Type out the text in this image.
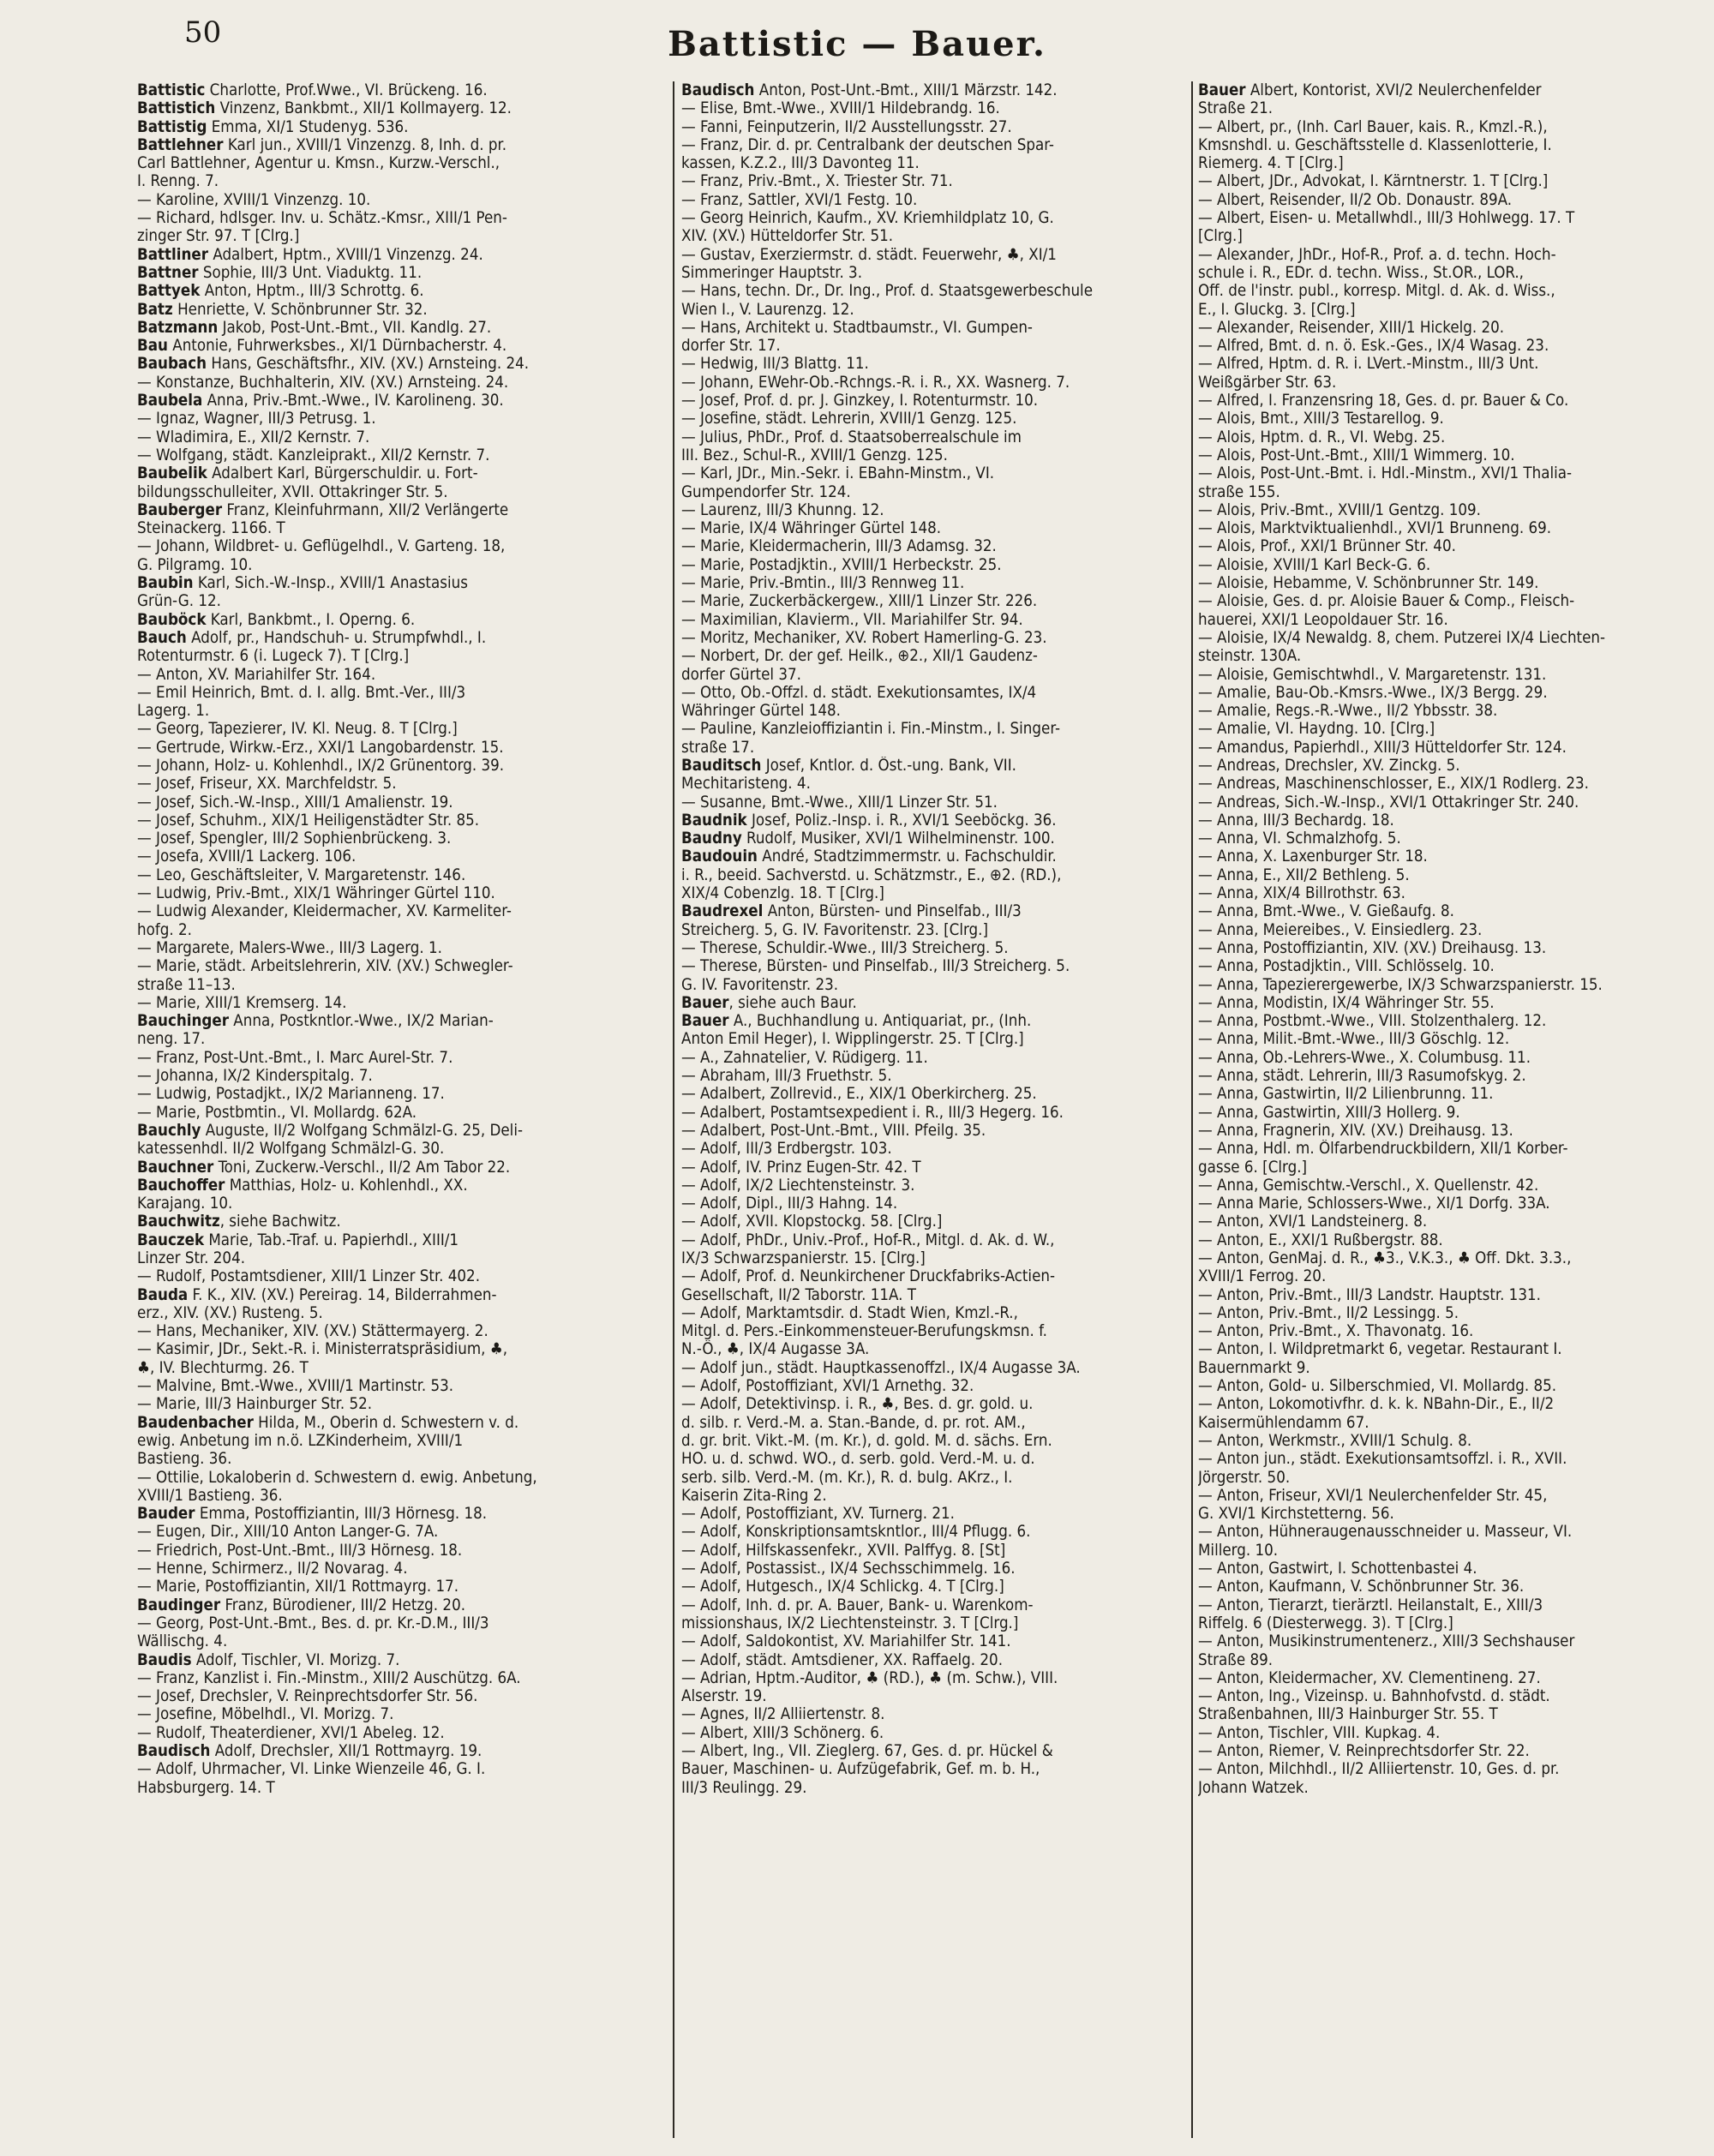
50	Battistic — Bauer.
Battistic Charlotte, Prof.Wwe., VI. Brückeng. 16.
Battistich Vinzenz, Bankbmt., XII/1 Kollmayerg. 12.
Battistig Emma, XI/1 Studenyg. 536.
Battlehner Karl jun., XVIII/1 Vinzenzg. 8, Inh. d. pr.
Carl Battlehner, Agentur u. Kmsn., Kurzw.-Verschl.,
I. Renng. 7.
— Karoline, XVIII/1 Vinzenzg. 10.
— Richard, hdlsger. Inv. u. Schätz.-Kmsr., XIII/1 Pen-
zinger Str. 97. T [Clrg.]
Battliner Adalbert, Hptm., XVIII/1 Vinzenzg. 24.
Battner Sophie, III/3 Unt. Viaduktg. 11.
Battyek Anton, Hptm., III/3 Schrottg. 6.
Batz Henriette, V. Schönbrunner Str. 32.
Batzmann Jakob, Post-Unt.-Bmt., VII. Kandlg. 27.
Bau Antonie, Fuhrwerksbes., XI/1 Dürnbacherstr. 4.
Baubach Hans, Geschäftsfhr., XIV. (XV.) Arnsteing. 24.
— Konstanze, Buchhalterin, XIV. (XV.) Arnsteing. 24.
Baubela Anna, Priv.-Bmt.-Wwe., IV. Karolineng. 30.
— Ignaz, Wagner, III/3 Petrusg. 1.
— Wladimira, E., XII/2 Kernstr. 7.
— Wolfgang, städt. Kanzleiprakt., XII/2 Kernstr. 7.
Baubelik Adalbert Karl, Bürgerschuldir. u. Fort-
bildungsschulleiter, XVII. Ottakringer Str. 5.
Bauberger Franz, Kleinfuhrmann, XII/2 Verlängerte
Steinackerg. 1166. T
— Johann, Wildbret- u. Geflügelhdl., V. Garteng. 18,
G. Pilgramg. 10.
Baubin Karl, Sich.-W.-Insp., XVIII/1 Anastasius
Grün-G. 12.
Bauböck Karl, Bankbmt., I. Operng. 6.
Bauch Adolf, pr., Handschuh- u. Strumpfwhdl., I.
Rotenturmstr. 6 (i. Lugeck 7). T [Clrg.]
— Anton, XV. Mariahilfer Str. 164.
— Emil Heinrich, Bmt. d. I. allg. Bmt.-Ver., III/3
Lagerg. 1.
— Georg, Tapezierer, IV. Kl. Neug. 8. T [Clrg.]
— Gertrude, Wirkw.-Erz., XXI/1 Langobardenstr. 15.
— Johann, Holz- u. Kohlenhdl., IX/2 Grünentorg. 39.
— Josef, Friseur, XX. Marchfeldstr. 5.
— Josef, Sich.-W.-Insp., XIII/1 Amalienstr. 19.
— Josef, Schuhm., XIX/1 Heiligenstädter Str. 85.
— Josef, Spengler, III/2 Sophienbrückeng. 3.
— Josefa, XVIII/1 Lackerg. 106.
— Leo, Geschäftsleiter, V. Margaretenstr. 146.
— Ludwig, Priv.-Bmt., XIX/1 Währinger Gürtel 110.
— Ludwig Alexander, Kleidermacher, XV. Karmeliter-
hofg. 2.
— Margarete, Malers-Wwe., III/3 Lagerg. 1.
— Marie, städt. Arbeitslehrerin, XIV. (XV.) Schwegler-
straße 11–13.
— Marie, XIII/1 Kremserg. 14.
Bauchinger Anna, Postkntlor.-Wwe., IX/2 Marian-
neng. 17.
— Franz, Post-Unt.-Bmt., I. Marc Aurel-Str. 7.
— Johanna, IX/2 Kinderspitalg. 7.
— Ludwig, Postadjkt., IX/2 Marianneng. 17.
— Marie, Postbmtin., VI. Mollardg. 62A.
Bauchly Auguste, II/2 Wolfgang Schmälzl-G. 25, Deli-
katessenhdl. II/2 Wolfgang Schmälzl-G. 30.
Bauchner Toni, Zuckerw.-Verschl., II/2 Am Tabor 22.
Bauchoffer Matthias, Holz- u. Kohlenhdl., XX.
Karajang. 10.
Bauchwitz, siehe Bachwitz.
Bauczek Marie, Tab.-Traf. u. Papierhdl., XIII/1
Linzer Str. 204.
— Rudolf, Postamtsdiener, XIII/1 Linzer Str. 402.
Bauda F. K., XIV. (XV.) Pereirag. 14, Bilderrahmen-
erz., XIV. (XV.) Rusteng. 5.
— Hans, Mechaniker, XIV. (XV.) Stättermayerg. 2.
— Kasimir, JDr., Sekt.-R. i. Ministerratspräsidium, ♣,
♣, IV. Blechturmg. 26. T
— Malvine, Bmt.-Wwe., XVIII/1 Martinstr. 53.
— Marie, III/3 Hainburger Str. 52.
Baudenbacher Hilda, M., Oberin d. Schwestern v. d.
ewig. Anbetung im n.ö. LZKinderheim, XVIII/1
Bastieng. 36.
— Ottilie, Lokaloberin d. Schwestern d. ewig. Anbetung,
XVIII/1 Bastieng. 36.
Bauder Emma, Postoffiziantin, III/3 Hörnesg. 18.
— Eugen, Dir., XIII/10 Anton Langer-G. 7A.
— Friedrich, Post-Unt.-Bmt., III/3 Hörnesg. 18.
— Henne, Schirmerz., II/2 Novarag. 4.
— Marie, Postoffiziantin, XII/1 Rottmayrg. 17.
Baudinger Franz, Bürodiener, III/2 Hetzg. 20.
— Georg, Post-Unt.-Bmt., Bes. d. pr. Kr.-D.M., III/3
Wällischg. 4.
Baudis Adolf, Tischler, VI. Morizg. 7.
— Franz, Kanzlist i. Fin.-Minstm., XIII/2 Auschützg. 6A.
— Josef, Drechsler, V. Reinprechtsdorfer Str. 56.
— Josefine, Möbelhdl., VI. Morizg. 7.
— Rudolf, Theaterdiener, XVI/1 Abeleg. 12.
Baudisch Adolf, Drechsler, XII/1 Rottmayrg. 19.
— Adolf, Uhrmacher, VI. Linke Wienzeile 46, G. I.
Habsburgerg. 14. T
Baudisch Anton, Post-Unt.-Bmt., XIII/1 Märzstr. 142.
— Elise, Bmt.-Wwe., XVIII/1 Hildebrandg. 16.
— Fanni, Feinputzerin, II/2 Ausstellungsstr. 27.
— Franz, Dir. d. pr. Centralbank der deutschen Spar-
kassen, K.Z.2., III/3 Davonteg 11.
— Franz, Priv.-Bmt., X. Triester Str. 71.
— Franz, Sattler, XVI/1 Festg. 10.
— Georg Heinrich, Kaufm., XV. Kriemhildplatz 10, G.
XIV. (XV.) Hütteldorfer Str. 51.
— Gustav, Exerziermstr. d. städt. Feuerwehr, ♣, XI/1
Simmeringer Hauptstr. 3.
— Hans, techn. Dr., Dr. Ing., Prof. d. Staatsgewerbeschule
Wien I., V. Laurenzg. 12.
— Hans, Architekt u. Stadtbaumstr., VI. Gumpen-
dorfer Str. 17.
— Hedwig, III/3 Blattg. 11.
— Johann, EWehr-Ob.-Rchngs.-R. i. R., XX. Wasnerg. 7.
— Josef, Prof. d. pr. J. Ginzkey, I. Rotenturmstr. 10.
— Josefine, städt. Lehrerin, XVIII/1 Genzg. 125.
— Julius, PhDr., Prof. d. Staatsoberrealschule im
III. Bez., Schul-R., XVIII/1 Genzg. 125.
— Karl, JDr., Min.-Sekr. i. EBahn-Minstm., VI.
Gumpendorfer Str. 124.
— Laurenz, III/3 Khunng. 12.
— Marie, IX/4 Währinger Gürtel 148.
— Marie, Kleidermacherin, III/3 Adamsg. 32.
— Marie, Postadjktin., XVIII/1 Herbeckstr. 25.
— Marie, Priv.-Bmtin., III/3 Rennweg 11.
— Marie, Zuckerbäckergew., XIII/1 Linzer Str. 226.
— Maximilian, Klavierm., VII. Mariahilfer Str. 94.
— Moritz, Mechaniker, XV. Robert Hamerling-G. 23.
— Norbert, Dr. der gef. Heilk., ⊕2., XII/1 Gaudenz-
dorfer Gürtel 37.
— Otto, Ob.-Offzl. d. städt. Exekutionsamtes, IX/4
Währinger Gürtel 148.
— Pauline, Kanzleioffiziantin i. Fin.-Minstm., I. Singer-
straße 17.
Bauditsch Josef, Kntlor. d. Öst.-ung. Bank, VII.
Mechitaristeng. 4.
— Susanne, Bmt.-Wwe., XIII/1 Linzer Str. 51.
Baudnik Josef, Poliz.-Insp. i. R., XVI/1 Seeböckg. 36.
Baudny Rudolf, Musiker, XVI/1 Wilhelminenstr. 100.
Baudouin André, Stadtzimmermstr. u. Fachschuldir.
i. R., beeid. Sachverstd. u. Schätzmstr., E., ⊕2. (RD.),
XIX/4 Cobenzlg. 18. T [Clrg.]
Baudrexel Anton, Bürsten- und Pinselfab., III/3
Streicherg. 5, G. IV. Favoritenstr. 23. [Clrg.]
— Therese, Schuldir.-Wwe., III/3 Streicherg. 5.
— Therese, Bürsten- und Pinselfab., III/3 Streicherg. 5.
G. IV. Favoritenstr. 23.
Bauer, siehe auch Baur.
Bauer A., Buchhandlung u. Antiquariat, pr., (Inh.
Anton Emil Heger), I. Wipplingerstr. 25. T [Clrg.]
— A., Zahnatelier, V. Rüdigerg. 11.
— Abraham, III/3 Fruethstr. 5.
— Adalbert, Zollrevid., E., XIX/1 Oberkircherg. 25.
— Adalbert, Postamtsexpedient i. R., III/3 Hegerg. 16.
— Adalbert, Post-Unt.-Bmt., VIII. Pfeilg. 35.
— Adolf, III/3 Erdbergstr. 103.
— Adolf, IV. Prinz Eugen-Str. 42. T
— Adolf, IX/2 Liechtensteinstr. 3.
— Adolf, Dipl., III/3 Hahng. 14.
— Adolf, XVII. Klopstockg. 58. [Clrg.]
— Adolf, PhDr., Univ.-Prof., Hof-R., Mitgl. d. Ak. d. W.,
IX/3 Schwarzspanierstr. 15. [Clrg.]
— Adolf, Prof. d. Neunkirchener Druckfabriks-Actien-
Gesellschaft, II/2 Taborstr. 11A. T
— Adolf, Marktamtsdir. d. Stadt Wien, Kmzl.-R.,
Mitgl. d. Pers.-Einkommensteuer-Berufungskmsn. f.
N.-Ö., ♣, IX/4 Augasse 3A.
— Adolf jun., städt. Hauptkassenoffzl., IX/4 Augasse 3A.
— Adolf, Postoffiziant, XVI/1 Arnethg. 32.
— Adolf, Detektivinsp. i. R., ♣, Bes. d. gr. gold. u.
d. silb. r. Verd.-M. a. Stan.-Bande, d. pr. rot. AM.,
d. gr. brit. Vikt.-M. (m. Kr.), d. gold. M. d. sächs. Ern.
HO. u. d. schwd. WO., d. serb. gold. Verd.-M. u. d.
serb. silb. Verd.-M. (m. Kr.), R. d. bulg. AKrz., I.
Kaiserin Zita-Ring 2.
— Adolf, Postoffiziant, XV. Turnerg. 21.
— Adolf, Konskriptionsamtskntlor., III/4 Pflugg. 6.
— Adolf, Hilfskassenfekr., XVII. Palffyg. 8. [St]
— Adolf, Postassist., IX/4 Sechsschimmelg. 16.
— Adolf, Hutgesch., IX/4 Schlickg. 4. T [Clrg.]
— Adolf, Inh. d. pr. A. Bauer, Bank- u. Warenkom-
missionshaus, IX/2 Liechtensteinstr. 3. T [Clrg.]
— Adolf, Saldokontist, XV. Mariahilfer Str. 141.
— Adolf, städt. Amtsdiener, XX. Raffaelg. 20.
— Adrian, Hptm.-Auditor, ♣ (RD.), ♣ (m. Schw.), VIII.
Alserstr. 19.
— Agnes, II/2 Alliiertenstr. 8.
— Albert, XIII/3 Schönerg. 6.
— Albert, Ing., VII. Zieglerg. 67, Ges. d. pr. Hückel &
Bauer, Maschinen- u. Aufzügefabrik, Gef. m. b. H.,
III/3 Reulingg. 29.
Bauer Albert, Kontorist, XVI/2 Neulerchenfelder
Straße 21.
— Albert, pr., (Inh. Carl Bauer, kais. R., Kmzl.-R.),
Kmsnshdl. u. Geschäftsstelle d. Klassenlotterie, I.
Riemerg. 4. T [Clrg.]
— Albert, JDr., Advokat, I. Kärntnerstr. 1. T [Clrg.]
— Albert, Reisender, II/2 Ob. Donaustr. 89A.
— Albert, Eisen- u. Metallwhdl., III/3 Hohlwegg. 17. T
[Clrg.]
— Alexander, JhDr., Hof-R., Prof. a. d. techn. Hoch-
schule i. R., EDr. d. techn. Wiss., St.OR., LOR.,
Off. de l'instr. publ., korresp. Mitgl. d. Ak. d. Wiss.,
E., I. Gluckg. 3. [Clrg.]
— Alexander, Reisender, XIII/1 Hickelg. 20.
— Alfred, Bmt. d. n. ö. Esk.-Ges., IX/4 Wasag. 23.
— Alfred, Hptm. d. R. i. LVert.-Minstm., III/3 Unt.
Weißgärber Str. 63.
— Alfred, I. Franzensring 18, Ges. d. pr. Bauer & Co.
— Alois, Bmt., XIII/3 Testarellog. 9.
— Alois, Hptm. d. R., VI. Webg. 25.
— Alois, Post-Unt.-Bmt., XIII/1 Wimmerg. 10.
— Alois, Post-Unt.-Bmt. i. Hdl.-Minstm., XVI/1 Thalia-
straße 155.
— Alois, Priv.-Bmt., XVIII/1 Gentzg. 109.
— Alois, Marktviktualienhdl., XVI/1 Brunneng. 69.
— Alois, Prof., XXI/1 Brünner Str. 40.
— Aloisie, XVIII/1 Karl Beck-G. 6.
— Aloisie, Hebamme, V. Schönbrunner Str. 149.
— Aloisie, Ges. d. pr. Aloisie Bauer & Comp., Fleisch-
hauerei, XXI/1 Leopoldauer Str. 16.
— Aloisie, IX/4 Newaldg. 8, chem. Putzerei IX/4 Liechten-
steinstr. 130A.
— Aloisie, Gemischtwhdl., V. Margaretenstr. 131.
— Amalie, Bau-Ob.-Kmsrs.-Wwe., IX/3 Bergg. 29.
— Amalie, Regs.-R.-Wwe., II/2 Ybbsstr. 38.
— Amalie, VI. Haydng. 10. [Clrg.]
— Amandus, Papierhdl., XIII/3 Hütteldorfer Str. 124.
— Andreas, Drechsler, XV. Zinckg. 5.
— Andreas, Maschinenschlosser, E., XIX/1 Rodlerg. 23.
— Andreas, Sich.-W.-Insp., XVI/1 Ottakringer Str. 240.
— Anna, III/3 Bechardg. 18.
— Anna, VI. Schmalzhofg. 5.
— Anna, X. Laxenburger Str. 18.
— Anna, E., XII/2 Bethleng. 5.
— Anna, XIX/4 Billrothstr. 63.
— Anna, Bmt.-Wwe., V. Gießaufg. 8.
— Anna, Meiereibes., V. Einsiedlerg. 23.
— Anna, Postoffiziantin, XIV. (XV.) Dreihausg. 13.
— Anna, Postadjktin., VIII. Schlösselg. 10.
— Anna, Tapezierergewerbe, IX/3 Schwarzspanierstr. 15.
— Anna, Modistin, IX/4 Währinger Str. 55.
— Anna, Postbmt.-Wwe., VIII. Stolzenthalerg. 12.
— Anna, Milit.-Bmt.-Wwe., III/3 Göschlg. 12.
— Anna, Ob.-Lehrers-Wwe., X. Columbusg. 11.
— Anna, städt. Lehrerin, III/3 Rasumofskyg. 2.
— Anna, Gastwirtin, II/2 Lilienbrunng. 11.
— Anna, Gastwirtin, XIII/3 Hollerg. 9.
— Anna, Fragnerin, XIV. (XV.) Dreihausg. 13.
— Anna, Hdl. m. Ölfarbendruckbildern, XII/1 Korber-
gasse 6. [Clrg.]
— Anna, Gemischtw.-Verschl., X. Quellenstr. 42.
— Anna Marie, Schlossers-Wwe., XI/1 Dorfg. 33A.
— Anton, XVI/1 Landsteinerg. 8.
— Anton, E., XXI/1 Rußbergstr. 88.
— Anton, GenMaj. d. R., ♣3., V.K.3., ♣ Off. Dkt. 3.3.,
XVIII/1 Ferrog. 20.
— Anton, Priv.-Bmt., III/3 Landstr. Hauptstr. 131.
— Anton, Priv.-Bmt., II/2 Lessingg. 5.
— Anton, Priv.-Bmt., X. Thavonatg. 16.
— Anton, I. Wildpretmarkt 6, vegetar. Restaurant I.
Bauernmarkt 9.
— Anton, Gold- u. Silberschmied, VI. Mollardg. 85.
— Anton, Lokomotivfhr. d. k. k. NBahn-Dir., E., II/2
Kaisermühlendamm 67.
— Anton, Werkmstr., XVIII/1 Schulg. 8.
— Anton jun., städt. Exekutionsamtsoffzl. i. R., XVII.
Jörgerstr. 50.
— Anton, Friseur, XVI/1 Neulerchenfelder Str. 45,
G. XVI/1 Kirchstetterng. 56.
— Anton, Hühneraugenausschneider u. Masseur, VI.
Millerg. 10.
— Anton, Gastwirt, I. Schottenbastei 4.
— Anton, Kaufmann, V. Schönbrunner Str. 36.
— Anton, Tierarzt, tierärztl. Heilanstalt, E., XIII/3
Riffelg. 6 (Diesterwegg. 3). T [Clrg.]
— Anton, Musikinstrumentenerz., XIII/3 Sechshauser
Straße 89.
— Anton, Kleidermacher, XV. Clementineng. 27.
— Anton, Ing., Vizeinsp. u. Bahnhofvstd. d. städt.
Straßenbahnen, III/3 Hainburger Str. 55. T
— Anton, Tischler, VIII. Kupkag. 4.
— Anton, Riemer, V. Reinprechtsdorfer Str. 22.
— Anton, Milchhdl., II/2 Alliiertenstr. 10, Ges. d. pr.
Johann Watzek.
